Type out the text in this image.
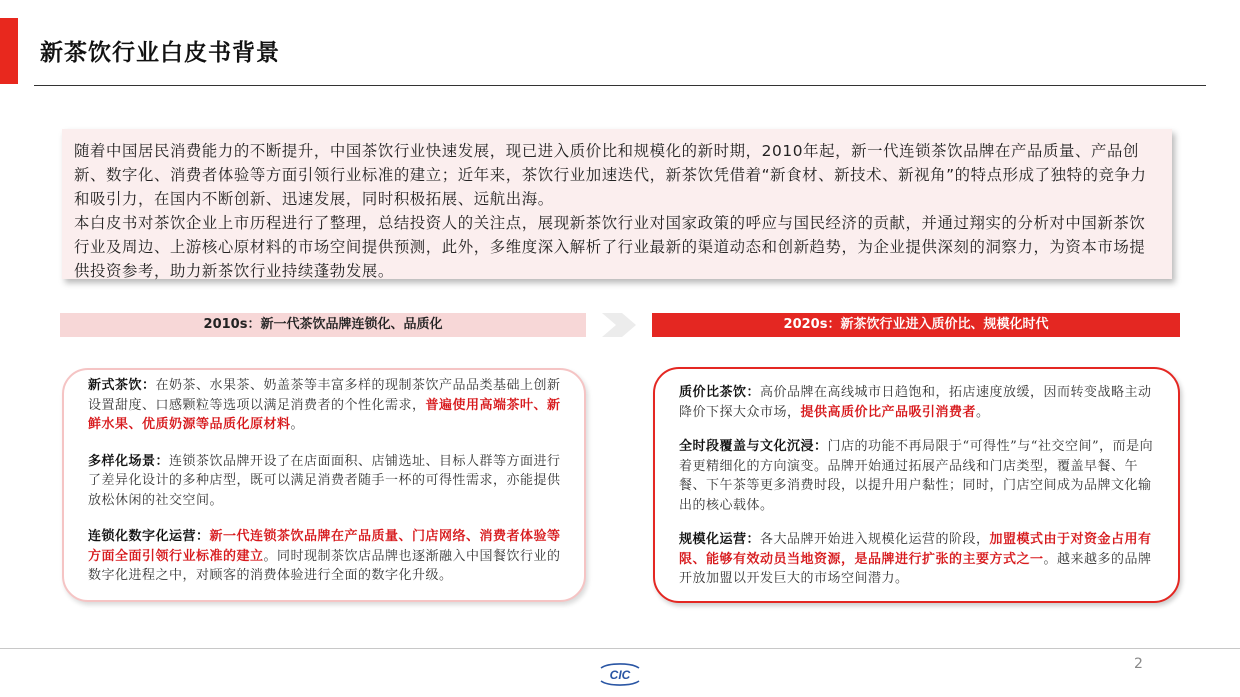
新茶饮行业白皮书背景

随着中国居民消费能力的不断提升，中国茶饮行业快速发展，现已进入质价比和规模化的新时期，2010年起，新一代连锁茶饮品牌在产品质量、产品创新、数字化、消费者体验等方面引领行业标准的建立；近年来，茶饮行业加速迭代，新茶饮凭借着“新食材、新技术、新视角”的特点形成了独特的竞争力和吸引力，在国内不断创新、迅速发展，同时积极拓展、远航出海。

本白皮书对茶饮企业上市历程进行了整理，总结投资人的关注点，展现新茶饮行业对国家政策的呼应与国民经济的贡献，并通过翔实的分析对中国新茶饮行业及周边、上游核心原材料的市场空间提供预测，此外，多维度深入解析了行业最新的渠道动态和创新趋势，为企业提供深刻的洞察力，为资本市场提供投资参考，助力新茶饮行业持续蓬勃发展。

2010s：新一代茶饮品牌连锁化、品质化	2020s：新茶饮行业进入质价比、规模化时代

新式茶饮：在奶茶、水果茶、奶盖茶等丰富多样的现制茶饮产品品类基础上创新设置甜度、口感颗粒等选项以满足消费者的个性化需求，普遍使用高端茶叶、新鲜水果、优质奶源等品质化原材料。

多样化场景：连锁茶饮品牌开设了在店面面积、店铺选址、目标人群等方面进行了差异化设计的多种店型，既可以满足消费者随手一杯的可得性需求，亦能提供放松休闲的社交空间。

连锁化数字化运营：新一代连锁茶饮品牌在产品质量、门店网络、消费者体验等方面全面引领行业标准的建立。同时现制茶饮店品牌也逐渐融入中国餐饮行业的数字化进程之中，对顾客的消费体验进行全面的数字化升级。

质价比茶饮：高价品牌在高线城市日趋饱和，拓店速度放缓，因而转变战略主动降价下探大众市场，提供高质价比产品吸引消费者。

全时段覆盖与文化沉浸：门店的功能不再局限于“可得性”与“社交空间”，而是向着更精细化的方向演变。品牌开始通过拓展产品线和门店类型，覆盖早餐、午餐、下午茶等更多消费时段，以提升用户黏性；同时，门店空间成为品牌文化输出的核心载体。

规模化运营：各大品牌开始进入规模化运营的阶段，加盟模式由于对资金占用有限、能够有效动员当地资源，是品牌进行扩张的主要方式之一。越来越多的品牌开放加盟以开发巨大的市场空间潜力。

CIC
2
